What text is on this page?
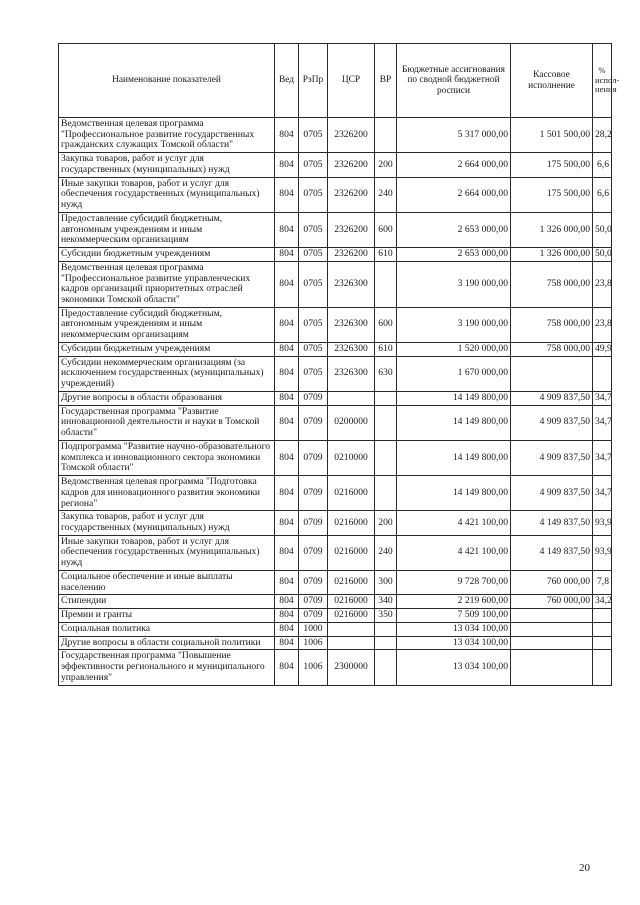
Наименование показателей	Вед	РзПр	ЦСР	ВР	Бюджетные ассигнования по сводной бюджетной росписи	Кассовое исполнение	% испол-нения
Ведомственная целевая программа "Профессиональное развитие государственных гражданских служащих Томской области"	804	0705	2326200		5 317 000,00	1 501 500,00	28,2
Закупка товаров, работ и услуг для государственных (муниципальных) нужд	804	0705	2326200	200	2 664 000,00	175 500,00	6,6
Иные закупки товаров, работ и услуг для обеспечения государственных (муниципальных) нужд	804	0705	2326200	240	2 664 000,00	175 500,00	6,6
Предоставление субсидий бюджетным, автономным учреждениям и иным некоммерческим организациям	804	0705	2326200	600	2 653 000,00	1 326 000,00	50,0
Субсидии бюджетным учреждениям	804	0705	2326200	610	2 653 000,00	1 326 000,00	50,0
Ведомственная целевая программа "Профессиональное развитие управленческих кадров организаций приоритетных отраслей экономики Томской области"	804	0705	2326300		3 190 000,00	758 000,00	23,8
Предоставление субсидий бюджетным, автономным учреждениям и иным некоммерческим организациям	804	0705	2326300	600	3 190 000,00	758 000,00	23,8
Субсидии бюджетным учреждениям	804	0705	2326300	610	1 520 000,00	758 000,00	49,9
Субсидии некоммерческим организациям (за исключением государственных (муниципальных) учреждений)	804	0705	2326300	630	1 670 000,00		
Другие вопросы в области образования	804	0709			14 149 800,00	4 909 837,50	34,7
Государственная программа "Развитие инновационной деятельности и науки в Томской области"	804	0709	0200000		14 149 800,00	4 909 837,50	34,7
Подпрограмма "Развитие научно-образовательного комплекса и инновационного сектора экономики Томской области"	804	0709	0210000		14 149 800,00	4 909 837,50	34,7
Ведомственная целевая программа "Подготовка кадров для инновационного развития экономики региона"	804	0709	0216000		14 149 800,00	4 909 837,50	34,7
Закупка товаров, работ и услуг для государственных (муниципальных) нужд	804	0709	0216000	200	4 421 100,00	4 149 837,50	93,9
Иные закупки товаров, работ и услуг для обеспечения государственных (муниципальных) нужд	804	0709	0216000	240	4 421 100,00	4 149 837,50	93,9
Социальное обеспечение и иные выплаты населению	804	0709	0216000	300	9 728 700,00	760 000,00	7,8
Стипендии	804	0709	0216000	340	2 219 600,00	760 000,00	34,2
Премии и гранты	804	0709	0216000	350	7 509 100,00		
Социальная политика	804	1000			13 034 100,00		
Другие вопросы в области социальной политики	804	1006			13 034 100,00		
Государственная программа "Повышение эффективности регионального и муниципального управления"	804	1006	2300000		13 034 100,00		
20
